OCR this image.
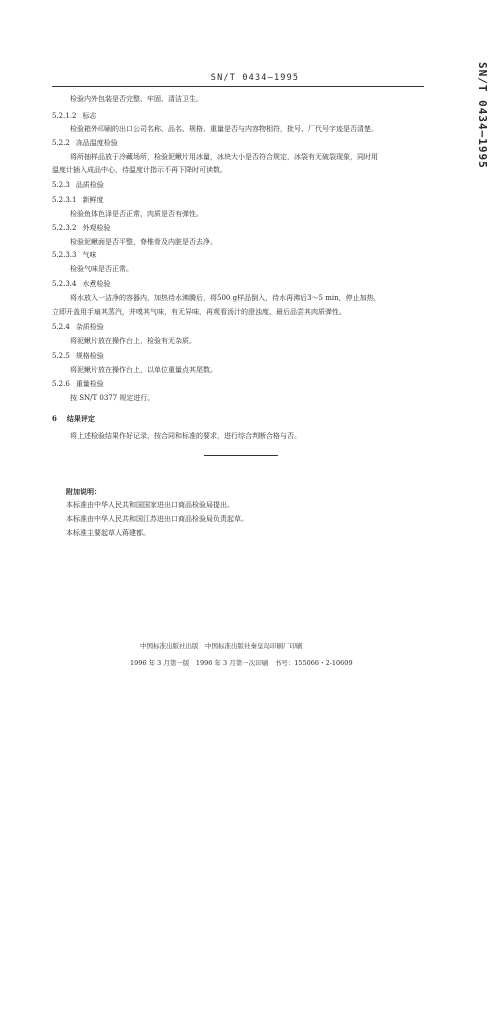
SN/T 0434—1995	SN/T 0434—1995
检验内外包装是否完整、牢固、清洁卫生。
5.2.1.2 标志
检验箱外印刷的出口公司名称、品名、规格、重量是否与内容物相符，批号、厂代号字迹是否清楚。
5.2.2 冻品温度检验
将所抽样品放于冷藏场所，检验泥鳅片用冰量，冰块大小是否符合规定，冰袋有无破裂现象，同时用
温度计插入成品中心，待温度计指示不再下降时可读数。
5.2.3 品质检验
5.2.3.1 新鲜度
检验鱼体色泽是否正常，肉质是否有弹性。
5.2.3.2 外观检验
检验泥鳅面是否平整，脊椎骨及内脏是否去净。
5.2.3.3 气味
检验气味是否正常。
5.2.3.4 水煮检验
将水放入一洁净的容器内，加热待水沸腾后，将500 g样品倒入，待水再沸后3～5 min，停止加热，
立即开盖用手扇其蒸汽，并嗅其气味，有无异味，再观看汤汁的澄浊度，最后品尝其肉质弹性。
5.2.4 杂质检验
将泥鳅片放在操作台上，检验有无杂质。
5.2.5 规格检验
将泥鳅片放在操作台上，以单位重量点其尾数。
5.2.6 重量检验
按 SN/T 0377 规定进行。
6 结果评定
将上述检验结果作好记录，按合同和标准的要求，进行综合判断合格与否。
附加说明：
本标准由中华人民共和国国家进出口商品检验局提出。
本标准由中华人民共和国江苏进出口商品检验局负责起草。
本标准主要起草人蒋建都。
中国标准出版社出版　中国标准出版社秦皇岛印刷厂印刷
1996 年 3 月第一版　1996 年 3 月第一次印刷　书号：155066・2-10609
